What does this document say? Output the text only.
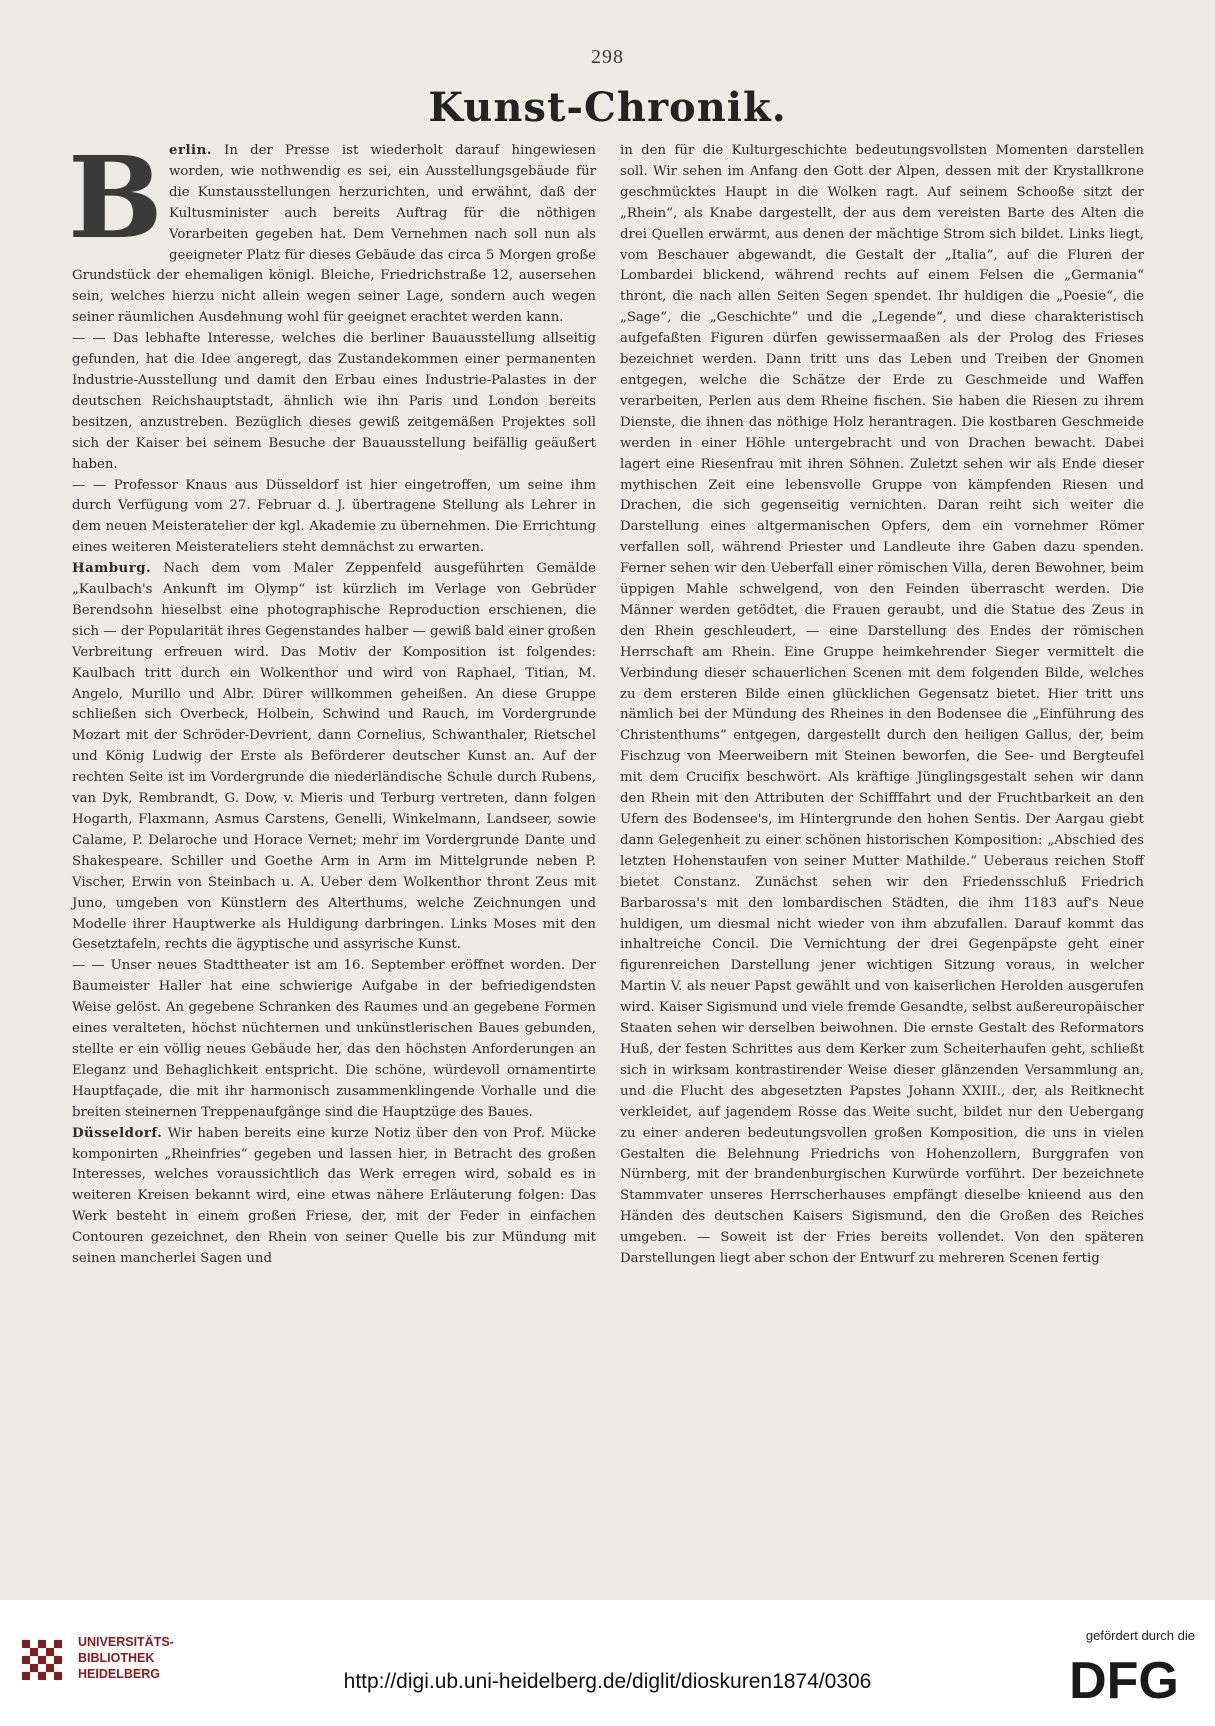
298
Kunst-Chronik.

B erlin. In der Presse ist wiederholt darauf hingewiesen worden, wie nothwendig es sei, ein Ausstellungsgebäude für die Kunstausstellungen herzurichten, und erwähnt, daß der Kultusminister auch bereits Auftrag für die nöthigen Vorarbeiten gegeben hat. Dem Vernehmen nach soll nun als geeigneter Platz für dieses Gebäude das circa 5 Morgen große Grundstück der ehemaligen königl. Bleiche, Friedrichstraße 12, ausersehen sein, welches hierzu nicht allein wegen seiner Lage, sondern auch wegen seiner räumlichen Ausdehnung wohl für geeignet erachtet werden kann.

— — Das lebhafte Interesse, welches die berliner Bauausstellung allseitig gefunden, hat die Idee angeregt, das Zustandekommen einer permanenten Industrie-Ausstellung und damit den Erbau eines Industrie-Palastes in der deutschen Reichshauptstadt, ähnlich wie ihn Paris und London bereits besitzen, anzustreben. Bezüglich dieses gewiß zeitgemäßen Projektes soll sich der Kaiser bei seinem Besuche der Bauausstellung beifällig geäußert haben.

— — Professor Knaus aus Düsseldorf ist hier eingetroffen, um seine ihm durch Verfügung vom 27. Februar d. J. übertragene Stellung als Lehrer in dem neuen Meisteratelier der kgl. Akademie zu übernehmen. Die Errichtung eines weiteren Meisterateliers steht demnächst zu erwarten.

Hamburg. Nach dem vom Maler Zeppenfeld ausgeführten Gemälde „Kaulbach's Ankunft im Olymp“ ist kürzlich im Verlage von Gebrüder Berendsohn hieselbst eine photographische Reproduction erschienen, die sich — der Popularität ihres Gegenstandes halber — gewiß bald einer großen Verbreitung erfreuen wird. Das Motiv der Komposition ist folgendes: Kaulbach tritt durch ein Wolkenthor und wird von Raphael, Titian, M. Angelo, Murillo und Albr. Dürer willkommen geheißen. An diese Gruppe schließen sich Overbeck, Holbein, Schwind und Rauch, im Vordergrunde Mozart mit der Schröder-Devrient, dann Cornelius, Schwanthaler, Rietschel und König Ludwig der Erste als Beförderer deutscher Kunst an. Auf der rechten Seite ist im Vordergrunde die niederländische Schule durch Rubens, van Dyk, Rembrandt, G. Dow, v. Mieris und Terburg vertreten, dann folgen Hogarth, Flaxmann, Asmus Carstens, Genelli, Winkelmann, Landseer, sowie Calame, P. Delaroche und Horace Vernet; mehr im Vordergrunde Dante und Shakespeare. Schiller und Goethe Arm in Arm im Mittelgrunde neben P. Vischer, Erwin von Steinbach u. A. Ueber dem Wolkenthor thront Zeus mit Juno, umgeben von Künstlern des Alterthums, welche Zeichnungen und Modelle ihrer Hauptwerke als Huldigung darbringen. Links Moses mit den Gesetztafeln, rechts die ägyptische und assyrische Kunst.

— — Unser neues Stadttheater ist am 16. September eröffnet worden. Der Baumeister Haller hat eine schwierige Aufgabe in der befriedigendsten Weise gelöst. An gegebene Schranken des Raumes und an gegebene Formen eines veralteten, höchst nüchternen und unkünstlerischen Baues gebunden, stellte er ein völlig neues Gebäude her, das den höchsten Anforderungen an Eleganz und Behaglichkeit entspricht. Die schöne, würdevoll ornamentirte Hauptfaçade, die mit ihr harmonisch zusammenklingende Vorhalle und die breiten steinernen Treppenaufgänge sind die Hauptzüge des Baues.

Düsseldorf. Wir haben bereits eine kurze Notiz über den von Prof. Mücke komponirten „Rheinfries“ gegeben und lassen hier, in Betracht des großen Interesses, welches voraussichtlich das Werk erregen wird, sobald es in weiteren Kreisen bekannt wird, eine etwas nähere Erläuterung folgen: Das Werk besteht in einem großen Friese, der, mit der Feder in einfachen Contouren gezeichnet, den Rhein von seiner Quelle bis zur Mündung mit seinen mancherlei Sagen und

in den für die Kulturgeschichte bedeutungsvollsten Momenten darstellen soll. Wir sehen im Anfang den Gott der Alpen, dessen mit der Krystallkrone geschmücktes Haupt in die Wolken ragt. Auf seinem Schooße sitzt der „Rhein“, als Knabe dargestellt, der aus dem vereisten Barte des Alten die drei Quellen erwärmt, aus denen der mächtige Strom sich bildet. Links liegt, vom Beschauer abgewandt, die Gestalt der „Italia“, auf die Fluren der Lombardei blickend, während rechts auf einem Felsen die „Germania“ thront, die nach allen Seiten Segen spendet. Ihr huldigen die „Poesie“, die „Sage“, die „Geschichte“ und die „Legende“, und diese charakteristisch aufgefaßten Figuren dürfen gewissermaaßen als der Prolog des Frieses bezeichnet werden. Dann tritt uns das Leben und Treiben der Gnomen entgegen, welche die Schätze der Erde zu Geschmeide und Waffen verarbeiten, Perlen aus dem Rheine fischen. Sie haben die Riesen zu ihrem Dienste, die ihnen das nöthige Holz herantragen. Die kostbaren Geschmeide werden in einer Höhle untergebracht und von Drachen bewacht. Dabei lagert eine Riesenfrau mit ihren Söhnen. Zuletzt sehen wir als Ende dieser mythischen Zeit eine lebensvolle Gruppe von kämpfenden Riesen und Drachen, die sich gegenseitig vernichten. Daran reiht sich weiter die Darstellung eines altgermanischen Opfers, dem ein vornehmer Römer verfallen soll, während Priester und Landleute ihre Gaben dazu spenden. Ferner sehen wir den Ueberfall einer römischen Villa, deren Bewohner, beim üppigen Mahle schwelgend, von den Feinden überrascht werden. Die Männer werden getödtet, die Frauen geraubt, und die Statue des Zeus in den Rhein geschleudert, — eine Darstellung des Endes der römischen Herrschaft am Rhein. Eine Gruppe heimkehrender Sieger vermittelt die Verbindung dieser schauerlichen Scenen mit dem folgenden Bilde, welches zu dem ersteren Bilde einen glücklichen Gegensatz bietet. Hier tritt uns nämlich bei der Mündung des Rheines in den Bodensee die „Einführung des Christenthums“ entgegen, dargestellt durch den heiligen Gallus, der, beim Fischzug von Meerweibern mit Steinen beworfen, die See- und Bergteufel mit dem Crucifix beschwört. Als kräftige Jünglingsgestalt sehen wir dann den Rhein mit den Attributen der Schifffahrt und der Fruchtbarkeit an den Ufern des Bodensee's, im Hintergrunde den hohen Sentis. Der Aargau giebt dann Gelegenheit zu einer schönen historischen Komposition: „Abschied des letzten Hohenstaufen von seiner Mutter Mathilde.“ Ueberaus reichen Stoff bietet Constanz. Zunächst sehen wir den Friedensschluß Friedrich Barbarossa's mit den lombardischen Städten, die ihm 1183 auf's Neue huldigen, um diesmal nicht wieder von ihm abzufallen. Darauf kommt das inhaltreiche Concil. Die Vernichtung der drei Gegenpäpste geht einer figurenreichen Darstellung jener wichtigen Sitzung voraus, in welcher Martin V. als neuer Papst gewählt und von kaiserlichen Herolden ausgerufen wird. Kaiser Sigismund und viele fremde Gesandte, selbst außereuropäischer Staaten sehen wir derselben beiwohnen. Die ernste Gestalt des Reformators Huß, der festen Schrittes aus dem Kerker zum Scheiterhaufen geht, schließt sich in wirksam kontrastirender Weise dieser glänzenden Versammlung an, und die Flucht des abgesetzten Papstes Johann XXIII., der, als Reitknecht verkleidet, auf jagendem Rosse das Weite sucht, bildet nur den Uebergang zu einer anderen bedeutungsvollen großen Komposition, die uns in vielen Gestalten die Belehnung Friedrichs von Hohenzollern, Burggrafen von Nürnberg, mit der brandenburgischen Kurwürde vorführt. Der bezeichnete Stammvater unseres Herrscherhauses empfängt dieselbe knieend aus den Händen des deutschen Kaisers Sigismund, den die Großen des Reiches umgeben. — Soweit ist der Fries bereits vollendet. Von den späteren Darstellungen liegt aber schon der Entwurf zu mehreren Scenen fertig

UNIVERSITÄTS-
BIBLIOTHEK
HEIDELBERG	http://digi.ub.uni-heidelberg.de/diglit/dioskuren1874/0306
gefördert durch die
DFG
